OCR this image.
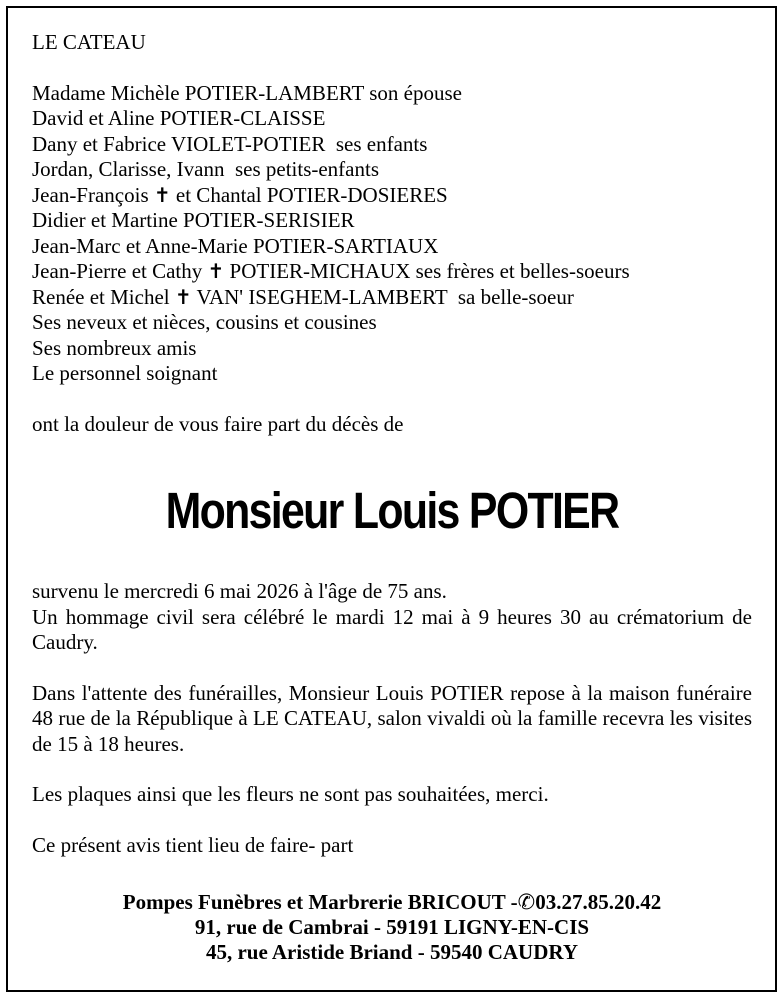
LE CATEAU
Madame Michèle POTIER-LAMBERT son épouse
David et Aline POTIER-CLAISSE
Dany et Fabrice VIOLET-POTIER  ses enfants
Jordan, Clarisse, Ivann  ses petits-enfants
Jean-François ✝ et Chantal POTIER-DOSIERES
Didier et Martine POTIER-SERISIER
Jean-Marc et Anne-Marie POTIER-SARTIAUX
Jean-Pierre et Cathy ✝ POTIER-MICHAUX ses frères et belles-soeurs
Renée et Michel ✝ VAN' ISEGHEM-LAMBERT  sa belle-soeur
Ses neveux et nièces, cousins et cousines
Ses nombreux amis
Le personnel soignant
ont la douleur de vous faire part du décès de
Monsieur Louis POTIER
survenu le mercredi 6 mai 2026 à l'âge de 75 ans.
Un hommage civil sera célébré le mardi 12 mai à 9 heures 30 au crématorium de Caudry.
Dans l'attente des funérailles, Monsieur Louis POTIER repose à la maison funéraire 48 rue de la République à LE CATEAU, salon vivaldi où la famille recevra les visites de 15 à 18 heures.
Les plaques ainsi que les fleurs ne sont pas souhaitées, merci.
Ce présent avis tient lieu de faire- part
Pompes Funèbres et Marbrerie BRICOUT -✆03.27.85.20.42
91, rue de Cambrai - 59191 LIGNY-EN-CIS
45, rue Aristide Briand - 59540 CAUDRY
